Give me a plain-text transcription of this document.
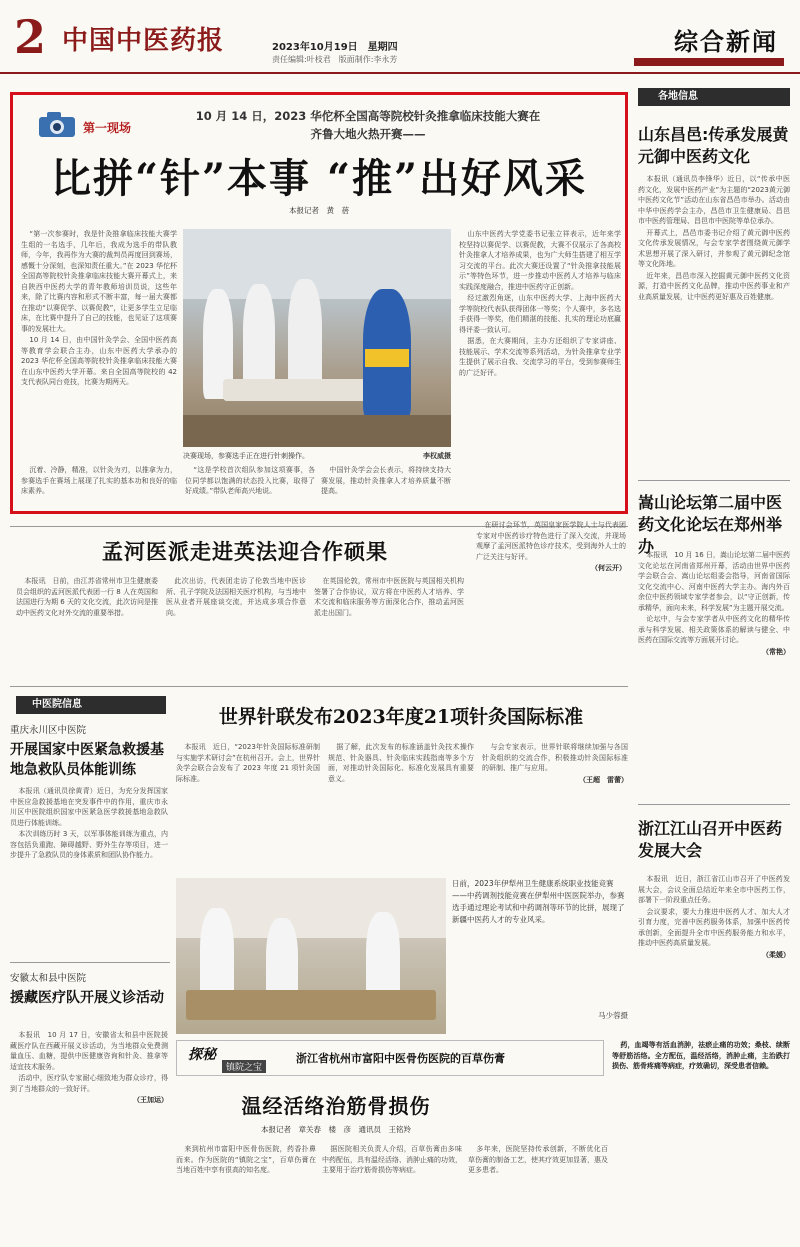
2 中国中医药报	2023年10月19日　星期四
责任编辑:叶枝君　版面制作:李永芳
综合新闻
第一现场
10 月 14 日，2023 华佗杯全国高等院校针灸推拿临床技能大赛在齐鲁大地火热开赛——
比拼“针”本事 “推”出好风采
本报记者　黄　蓓

“第一次参赛时，我是针灸推拿临床技能大赛学生组的一名选手，几年后，我成为选手的带队教师，今年，我再作为大赛的裁判员再度回到赛场，感慨十分深刻，也深知责任重大。”在 2023 华佗杯全国高等院校针灸推拿临床技能大赛开幕式上，来自陕西中医药大学的青年教师培训员说，这些年来，除了比赛内容和形式不断丰富，每一届大赛都在推动“以赛促学、以赛促教”，让更多学生立足临床，在比赛中提升了自己的技能，也见证了这项赛事的发展壮大。

10 月 14 日，由中国针灸学会、全国中医药高等教育学会联合主办，山东中医药大学承办的 2023 华佗杯全国高等院校针灸推拿临床技能大赛在山东中医药大学开幕。来自全国高等院校的 42 支代表队同台竞技，比赛为期两天。

决赛现场，参赛选手正在进行针刺操作。	李权威摄

山东中医药大学党委书记张立祥表示，近年来学校坚持以赛促学、以赛促教，大赛不仅展示了各高校针灸推拿人才培养成果，也为广大师生搭建了相互学习交流的平台。此次大赛还设置了“针灸推拿技能展示”等特色环节，进一步推动中医药人才培养与临床实践深度融合，推进中医药守正创新。

经过激烈角逐，山东中医药大学、上海中医药大学等院校代表队获得团体一等奖；个人赛中，多名选手获得一等奖，他们精湛的技能、扎实的理论功底赢得评委一致认可。

据悉，在大赛期间，主办方还组织了专家讲座、技能展示、学术交流等系列活动，为针灸推拿专业学生提供了展示自我、交流学习的平台，受到参赛师生的广泛好评。

沉着、冷静，精准，以针灸为刃，以推拿为力，参赛选手在赛场上展现了扎实的基本功和良好的临床素养。

“这是学校首次组队参加这项赛事，各位同学都以饱满的状态投入比赛，取得了好成绩。”带队老师高兴地说。

中国针灸学会会长表示，将持续支持大赛发展，推动针灸推拿人才培养质量不断提高。

各地信息
山东昌邑:传承发展黄元御中医药文化

本报讯（通讯员李锋华）近日，以“传承中医药文化，发展中医药产业”为主题的“2023黄元御中医药文化节”活动在山东省昌邑市举办。活动由中华中医药学会主办，昌邑市卫生健康局、昌邑市中医药管理局、昌邑市中医院等单位承办。

开幕式上，昌邑市委书记介绍了黄元御中医药文化传承发展情况，与会专家学者围绕黄元御学术思想开展了深入研讨，并参观了黄元御纪念馆等文化阵地。

近年来，昌邑市深入挖掘黄元御中医药文化资源，打造中医药文化品牌，推动中医药事业和产业高质量发展，让中医药更好惠及百姓健康。

嵩山论坛第二届中医药文化论坛在郑州举办

本报讯　10 月 16 日，嵩山论坛第二届中医药文化论坛在河南省郑州开幕，活动由世界中医药学会联合会、嵩山论坛组委会指导，河南省国际文化交流中心、河南中医药大学主办。海内外百余位中医药领域专家学者参会，以“守正创新，传承精华，面向未来，科学发展”为主题开展交流。

论坛中，与会专家学者从中医药文化的精华传承与科学发展、相关政策体系的解读与健全、中医药在国际交流等方面展开讨论。

（常艳）
浙江江山召开中医药发展大会

本报讯　近日，浙江省江山市召开了中医药发展大会，会议全面总结近年来全市中医药工作，部署下一阶段重点任务。

会议要求，要大力推进中医药人才、加大人才引育力度，完善中医药服务体系，加强中医药传承创新，全面提升全市中医药服务能力和水平，推动中医药高质量发展。

（柔媛）
孟河医派走进英法迎合作硕果

本报讯　日前，由江苏省常州市卫生健康委员会组织的孟河医派代表团一行 8 人在英国和法国进行为期 6 天的文化交流，此次访问是推动中医药文化对外交流的重要举措。

此次出访，代表团走访了伦敦当地中医诊所、孔子学院及法国相关医疗机构，与当地中医从业者开展座谈交流，并达成多项合作意向。

在英国伦敦，常州市中医医院与英国相关机构签署了合作协议，双方将在中医药人才培养、学术交流和临床服务等方面深化合作，推动孟河医派走出国门。

在研讨会环节，英国皇家医学院人士与代表团专家对中医药诊疗特色进行了深入交流，并现场观摩了孟河医派特色诊疗技术，受到海外人士的广泛关注与好评。

（何云开）
中医院信息
重庆永川区中医院
开展国家中医紧急救援基地急救队员体能训练

本报讯（通讯员徐黄青）近日，为充分发挥国家中医应急救援基地在突发事件中的作用，重庆市永川区中医院组织国家中医紧急医学救援基地急救队员进行体能训练。

本次训练历时 3 天，以军事体能训练为重点，内容包括负重跑、障碍越野、野外生存等项目，进一步提升了急救队员的身体素质和团队协作能力。

安徽太和县中医院
援藏医疗队开展义诊活动

本报讯　10 月 17 日，安徽省太和县中医院援藏医疗队在西藏开展义诊活动，为当地群众免费测量血压、血糖，提供中医健康咨询和针灸、推拿等适宜技术服务。

活动中，医疗队专家耐心细致地为群众诊疗，得到了当地群众的一致好评。

（王加运）
世界针联发布2023年度21项针灸国际标准

本报讯　近日，“2023年针灸国际标准研制与实施学术研讨会”在杭州召开。会上，世界针灸学会联合会发布了 2023 年度 21 项针灸国际标准。

据了解，此次发布的标准涵盖针灸技术操作规范、针灸器具、针灸临床实践指南等多个方面，对推动针灸国际化、标准化发展具有重要意义。

与会专家表示，世界针联将继续加强与各国针灸组织的交流合作，积极推动针灸国际标准的研制、推广与应用。

（王超　雷蕾）
日前，2023年伊犁州卫生健康系统职业技能竞赛——中药调剂技能竞赛在伊犁州中医医院举办，参赛选手通过理论考试和中药调剂等环节的比拼，展现了新疆中医药人才的专业风采。
马少蓉摄
探秘
镇院之宝
浙江省杭州市富阳中医骨伤医院的百草伤膏
温经活络治筋骨损伤
本报记者　章关春　楼　彦　通讯员　王铭羚

来到杭州市富阳中医骨伤医院，药香扑鼻而来。作为医院的“镇院之宝”，百草伤膏在当地百姓中享有很高的知名度。

据医院相关负责人介绍，百草伤膏由多味中药配伍，具有温经活络、消肿止痛的功效，主要用于治疗筋骨损伤等病症。

多年来，医院坚持传承创新，不断优化百草伤膏的制备工艺，使其疗效更加显著，惠及更多患者。

药，血竭等有活血消肿，祛瘀止痛的功效；桑枝、续断等舒筋活络。全方配伍，温经活络，消肿止痛，主治跌打损伤、筋骨疼痛等病症，疗效确切，深受患者信赖。
